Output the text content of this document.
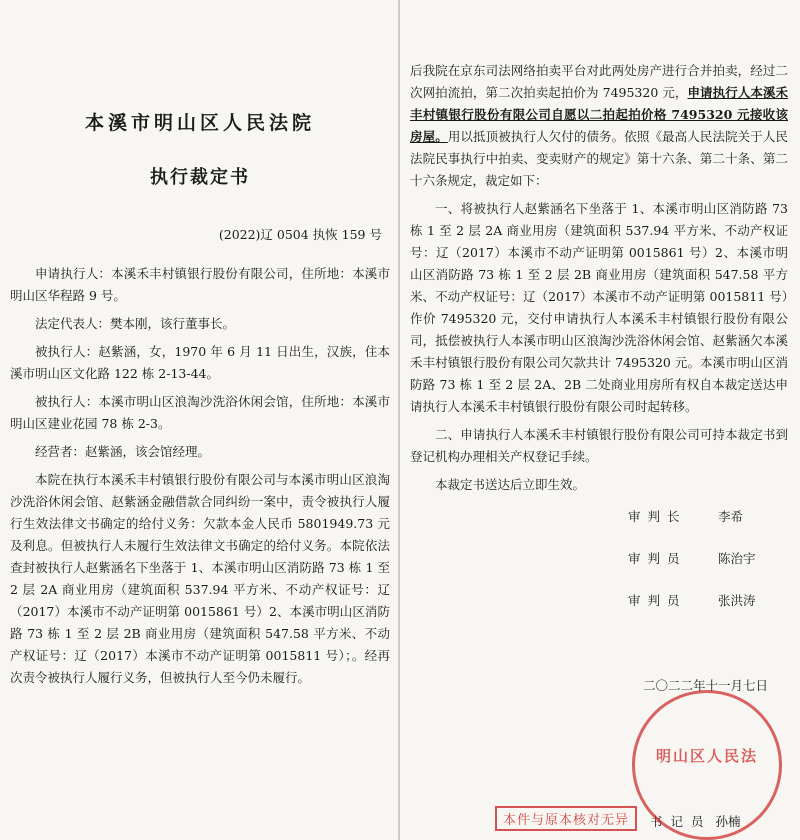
本溪市明山区人民法院
执行裁定书
(2022)辽 0504 执恢 159 号

申请执行人：本溪禾丰村镇银行股份有限公司，住所地：本溪市明山区华程路 9 号。

法定代表人：樊本刚，该行董事长。

被执行人：赵紫涵，女，1970 年 6 月 11 日出生，汉族，住本溪市明山区文化路 122 栋 2-13-44。

被执行人：本溪市明山区浪淘沙洗浴休闲会馆，住所地：本溪市明山区建业花园 78 栋 2-3。

经营者：赵紫涵，该会馆经理。

本院在执行本溪禾丰村镇银行股份有限公司与本溪市明山区浪淘沙洗浴休闲会馆、赵紫涵金融借款合同纠纷一案中，责令被执行人履行生效法律文书确定的给付义务：欠款本金人民币 5801949.73 元及利息。但被执行人未履行生效法律文书确定的给付义务。本院依法查封被执行人赵紫涵名下坐落于 1、本溪市明山区消防路 73 栋 1 至 2 层 2A 商业用房（建筑面积 537.94 平方米、不动产权证号：辽（2017）本溪市不动产证明第 0015861 号）2、本溪市明山区消防路 73 栋 1 至 2 层 2B 商业用房（建筑面积 547.58 平方米、不动产权证号：辽（2017）本溪市不动产证明第 0015811 号）；。经再次责令被执行人履行义务，但被执行人至今仍未履行。

后我院在京东司法网络拍卖平台对此两处房产进行合并拍卖，经过二次网拍流拍，第二次拍卖起拍价为 7495320 元，申请执行人本溪禾丰村镇银行股份有限公司自愿以二拍起拍价格 7495320 元接收该房屋。用以抵顶被执行人欠付的债务。依照《最高人民法院关于人民法院民事执行中拍卖、变卖财产的规定》第十六条、第二十条、第二十六条规定，裁定如下：

一、将被执行人赵紫涵名下坐落于 1、本溪市明山区消防路 73 栋 1 至 2 层 2A 商业用房（建筑面积 537.94 平方米、不动产权证号：辽（2017）本溪市不动产证明第 0015861 号）2、本溪市明山区消防路 73 栋 1 至 2 层 2B 商业用房（建筑面积 547.58 平方米、不动产权证号：辽（2017）本溪市不动产证明第 0015811 号）作价 7495320 元，交付申请执行人本溪禾丰村镇银行股份有限公司，抵偿被执行人本溪市明山区浪淘沙洗浴休闲会馆、赵紫涵欠本溪禾丰村镇银行股份有限公司欠款共计 7495320 元。本溪市明山区消防路 73 栋 1 至 2 层 2A、2B 二处商业用房所有权自本裁定送达申请执行人本溪禾丰村镇银行股份有限公司时起转移。

二、申请执行人本溪禾丰村镇银行股份有限公司可持本裁定书到登记机构办理相关产权登记手续。

本裁定书送达后立即生效。

审判长	李希
审判员	陈治宇
审判员	张洪涛
二〇二二年十一月七日
明山区人民法
本件与原本核对无异	书记员 孙楠
